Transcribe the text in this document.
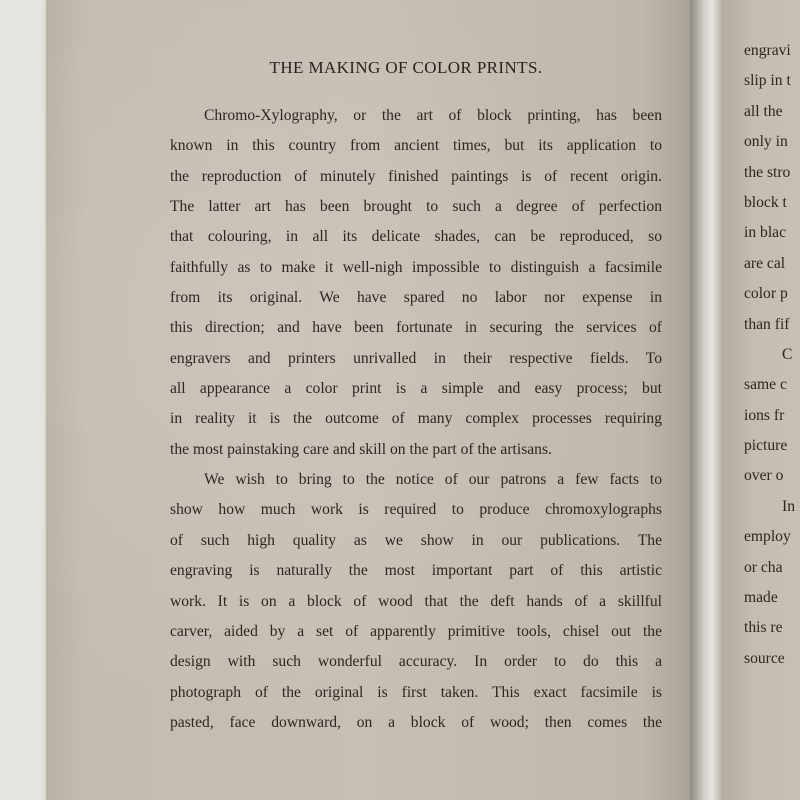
THE MAKING OF COLOR PRINTS.
Chromo-Xylography, or the art of block printing, has been
known in this country from ancient times, but its application to
the reproduction of minutely finished paintings is of recent origin.
The latter art has been brought to such a degree of perfection
that colouring, in all its delicate shades, can be reproduced, so
faithfully as to make it well-nigh impossible to distinguish a facsimile
from its original. We have spared no labor nor expense in
this direction; and have been fortunate in securing the services of
engravers and printers unrivalled in their respective fields. To
all appearance a color print is a simple and easy process; but
in reality it is the outcome of many complex processes requiring
the most painstaking care and skill on the part of the artisans.
We wish to bring to the notice of our patrons a few facts to
show how much work is required to produce chromoxylographs
of such high quality as we show in our publications. The
engraving is naturally the most important part of this artistic
work. It is on a block of wood that the deft hands of a skillful
carver, aided by a set of apparently primitive tools, chisel out the
design with such wonderful accuracy. In order to do this a
photograph of the original is first taken. This exact facsimile is
pasted, face downward, on a block of wood; then comes the
engravi
slip in t
all the
only in
the stro
block t
in blac
are cal
color p
than fif
C
same c
ions fr
picture
over o
In
employ
or cha
made
this re
source
